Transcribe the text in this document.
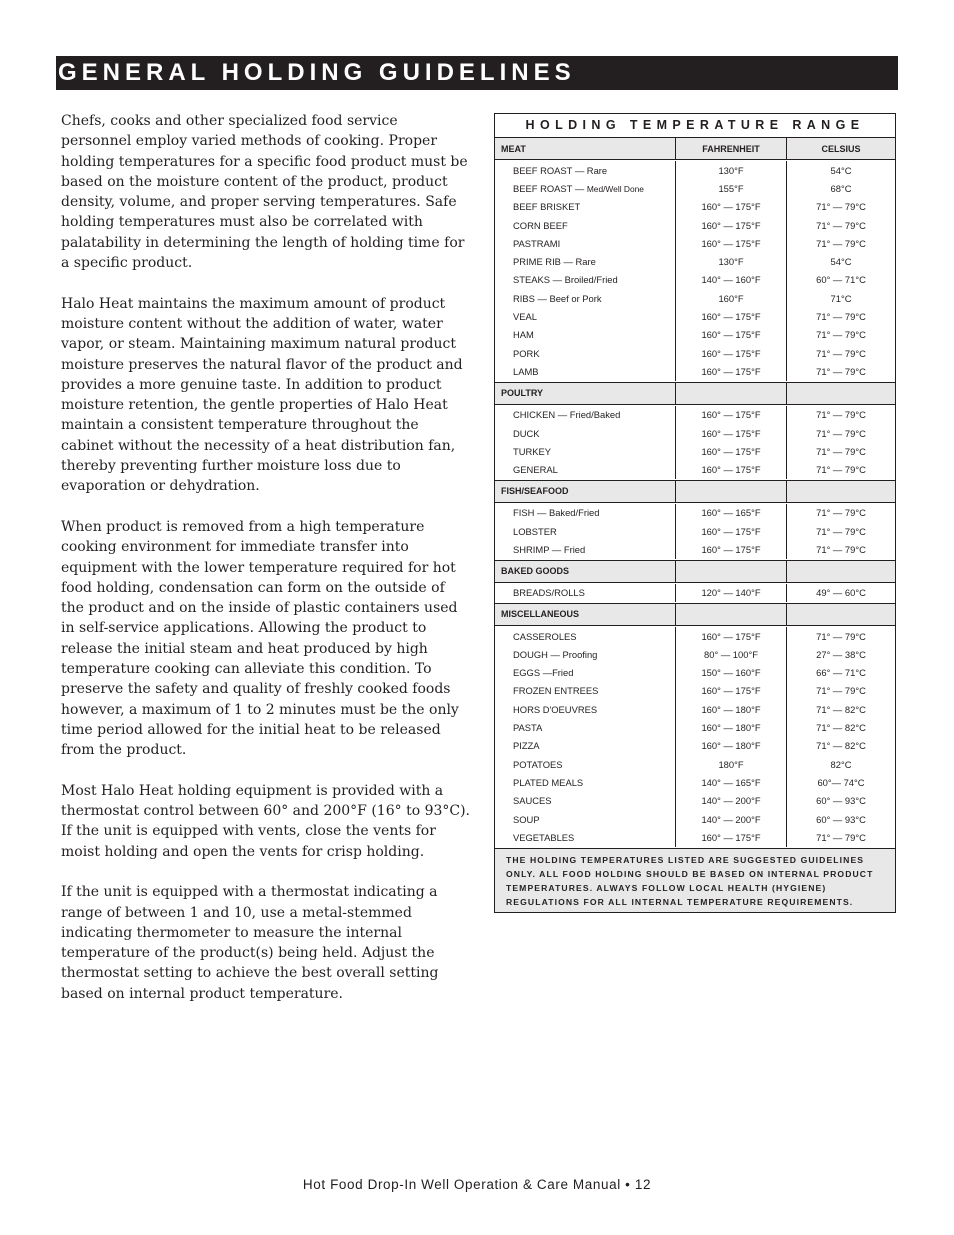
GENERAL HOLDING GUIDELINES

Chefs, cooks and other specialized food service personnel employ varied methods of cooking. Proper holding temperatures for a specific food product must be based on the moisture content of the product, product density, volume, and proper serving temperatures. Safe holding temperatures must also be correlated with palatability in determining the length of holding time for a specific product.

Halo Heat maintains the maximum amount of product moisture content without the addition of water, water vapor, or steam. Maintaining maximum natural product moisture preserves the natural flavor of the product and provides a more genuine taste. In addition to product moisture retention, the gentle properties of Halo Heat maintain a consistent temperature throughout the cabinet without the necessity of a heat distribution fan, thereby preventing further moisture loss due to evaporation or dehydration.

When product is removed from a high temperature cooking environment for immediate transfer into equipment with the lower temperature required for hot food holding, condensation can form on the outside of the product and on the inside of plastic containers used in self-service applications. Allowing the product to release the initial steam and heat produced by high temperature cooking can alleviate this condition. To preserve the safety and quality of freshly cooked foods however, a maximum of 1 to 2 minutes must be the only time period allowed for the initial heat to be released from the product.

Most Halo Heat holding equipment is provided with a thermostat control between 60° and 200°F (16° to 93°C). If the unit is equipped with vents, close the vents for moist holding and open the vents for crisp holding.

If the unit is equipped with a thermostat indicating a range of between 1 and 10, use a metal-stemmed indicating thermometer to measure the internal temperature of the product(s) being held. Adjust the thermostat setting to achieve the best overall setting based on internal product temperature.

HOLDING TEMPERATURE RANGE
MEAT	FAHRENHEIT	CELSIUS
BEEF ROAST — Rare	130°F	54°C
BEEF ROAST — Med/Well Done	155°F	68°C
BEEF BRISKET	160° — 175°F	71° — 79°C
CORN BEEF	160° — 175°F	71° — 79°C
PASTRAMI	160° — 175°F	71° — 79°C
PRIME RIB — Rare	130°F	54°C
STEAKS — Broiled/Fried	140° — 160°F	60° — 71°C
RIBS — Beef or Pork	160°F	71°C
VEAL	160° — 175°F	71° — 79°C
HAM	160° — 175°F	71° — 79°C
PORK	160° — 175°F	71° — 79°C
LAMB	160° — 175°F	71° — 79°C
POULTRY
CHICKEN — Fried/Baked	160° — 175°F	71° — 79°C
DUCK	160° — 175°F	71° — 79°C
TURKEY	160° — 175°F	71° — 79°C
GENERAL	160° — 175°F	71° — 79°C
FISH/SEAFOOD
FISH — Baked/Fried	160° — 165°F	71° — 79°C
LOBSTER	160° — 175°F	71° — 79°C
SHRIMP — Fried	160° — 175°F	71° — 79°C
BAKED GOODS
BREADS/ROLLS	120° — 140°F	49° — 60°C
MISCELLANEOUS
CASSEROLES	160° — 175°F	71° — 79°C
DOUGH — Proofing	80° — 100°F	27° — 38°C
EGGS —Fried	150° — 160°F	66° — 71°C
FROZEN ENTREES	160° — 175°F	71° — 79°C
HORS D'OEUVRES	160° — 180°F	71° — 82°C
PASTA	160° — 180°F	71° — 82°C
PIZZA	160° — 180°F	71° — 82°C
POTATOES	180°F	82°C
PLATED MEALS	140° — 165°F	60°— 74°C
SAUCES	140° — 200°F	60° — 93°C
SOUP	140° — 200°F	60° — 93°C
VEGETABLES	160° — 175°F	71° — 79°C
THE HOLDING TEMPERATURES LISTED ARE SUGGESTED GUIDELINES ONLY. ALL FOOD HOLDING SHOULD BE BASED ON INTERNAL PRODUCT TEMPERATURES. ALWAYS FOLLOW LOCAL HEALTH (HYGIENE) REGULATIONS FOR ALL INTERNAL TEMPERATURE REQUIREMENTS.
Hot Food Drop-In Well Operation & Care Manual • 12
